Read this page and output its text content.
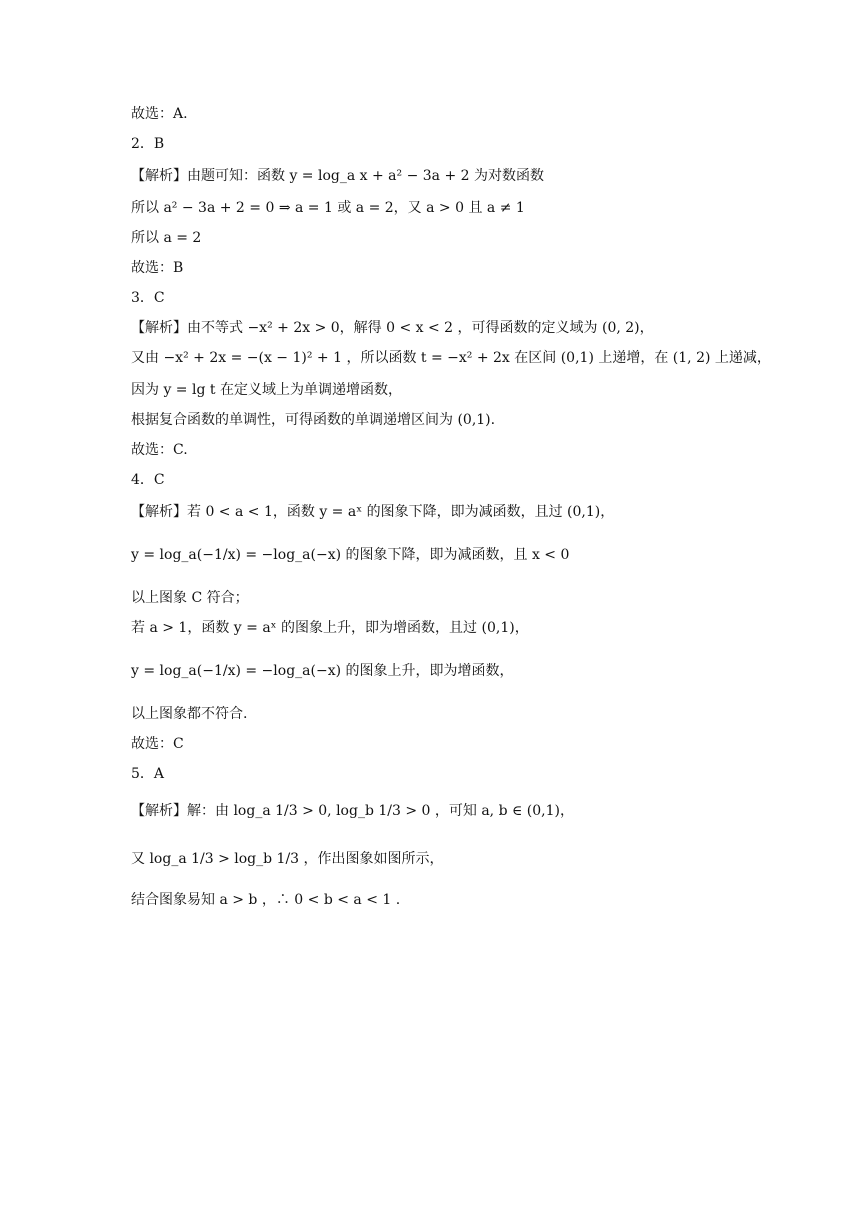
故选：A.
2．B
【解析】由题可知：函数 y = log_a x + a² − 3a + 2 为对数函数
所以 a² − 3a + 2 = 0 ⇒ a = 1 或 a = 2，又 a > 0 且 a ≠ 1
所以 a = 2
故选：B
3．C
【解析】由不等式 −x² + 2x > 0，解得 0 < x < 2 ，可得函数的定义域为 (0, 2)，
又由 −x² + 2x = −(x − 1)² + 1 ，所以函数 t = −x² + 2x 在区间 (0,1) 上递增，在 (1, 2) 上递减，
因为 y = lg t 在定义域上为单调递增函数，
根据复合函数的单调性，可得函数的单调递增区间为 (0,1).
故选：C.
4．C
【解析】若 0 < a < 1，函数 y = aˣ 的图象下降，即为减函数，且过 (0,1)，
y = log_a(−1/x) = −log_a(−x) 的图象下降，即为减函数，且 x < 0
以上图象 C 符合；
若 a > 1，函数 y = aˣ 的图象上升，即为增函数，且过 (0,1)，
y = log_a(−1/x) = −log_a(−x) 的图象上升，即为增函数，
以上图象都不符合.
故选：C
5．A
【解析】解：由 log_a 1/3 > 0, log_b 1/3 > 0 ，可知 a, b ∈ (0,1)，
又 log_a 1/3 > log_b 1/3 ，作出图象如图所示，
结合图象易知 a > b ，∴ 0 < b < a < 1 .
